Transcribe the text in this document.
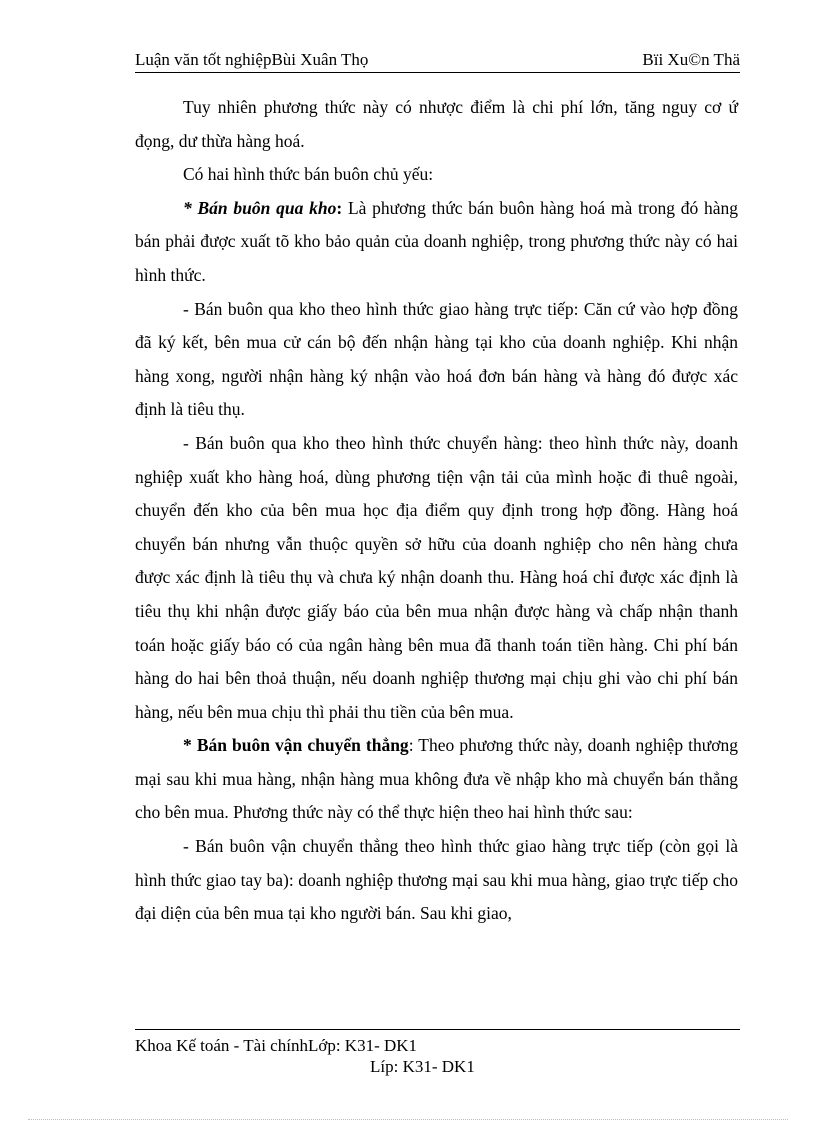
Luận văn tốt nghiệpBùi Xuân Thọ	Bïi Xu©n Thä

Tuy nhiên phương thức này có nhược điểm là chi phí lớn, tăng nguy cơ ứ đọng, dư thừa hàng hoá.

Có hai hình thức bán buôn chủ yếu:

* Bán buôn qua kho: Là phương thức bán buôn hàng hoá mà trong đó hàng bán phải được xuất tõ kho bảo quản của doanh nghiệp, trong phương thức này có hai hình thức.

- Bán buôn qua kho theo hình thức giao hàng trực tiếp: Căn cứ vào hợp đồng đã ký kết, bên mua cử cán bộ đến nhận hàng tại kho của doanh nghiệp. Khi nhận hàng xong, người nhận hàng ký nhận vào hoá đơn bán hàng và hàng đó được xác định là tiêu thụ.

- Bán buôn qua kho theo hình thức chuyển hàng: theo hình thức này, doanh nghiệp xuất kho hàng hoá, dùng phương tiện vận tải của mình hoặc đi thuê ngoài, chuyển đến kho của bên mua học địa điểm quy định trong hợp đồng. Hàng hoá chuyển bán nhưng vẫn thuộc quyền sở hữu của doanh nghiệp cho nên hàng chưa được xác định là tiêu thụ và chưa ký nhận doanh thu. Hàng hoá chỉ được xác định là tiêu thụ khi nhận được giấy báo của bên mua nhận được hàng và chấp nhận thanh toán hoặc giấy báo có của ngân hàng bên mua đã thanh toán tiền hàng. Chi phí bán hàng do hai bên thoả thuận, nếu doanh nghiệp thương mại chịu ghi vào chi phí bán hàng, nếu bên mua chịu thì phải thu tiền của bên mua.

* Bán buôn vận chuyển thẳng: Theo phương thức này, doanh nghiệp thương mại sau khi mua hàng, nhận hàng mua không đưa về nhập kho mà chuyển bán thẳng cho bên mua. Phương thức này có thể thực hiện theo hai hình thức sau:

- Bán buôn vận chuyển thẳng theo hình thức giao hàng trực tiếp (còn gọi là hình thức giao tay ba): doanh nghiệp thương mại sau khi mua hàng, giao trực tiếp cho đại diện của bên mua tại kho người bán. Sau khi giao,

Khoa Kế toán - Tài chínhLớp: K31- DK1
Líp: K31- DK1
